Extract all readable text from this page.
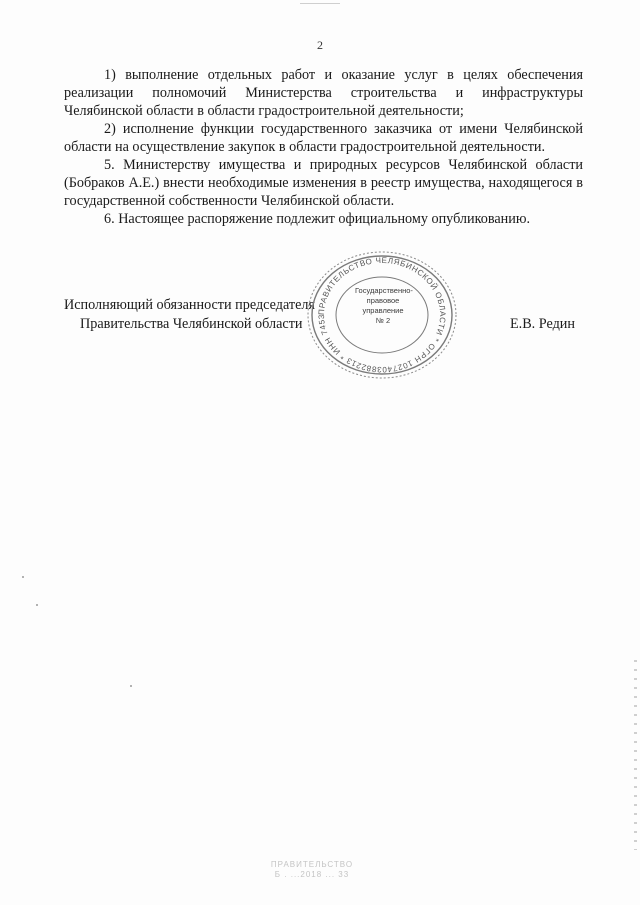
2

1) выполнение отдельных работ и оказание услуг в целях обеспечения реализации полномочий Министерства строительства и инфраструктуры Челябинской области в области градостроительной деятельности;

2) исполнение функции государственного заказчика от имени Челябинской области на осуществление закупок в области градостроительной деятельности.

5. Министерству имущества и природных ресурсов Челябинской области (Бобраков А.Е.) внести необходимые изменения в реестр имущества, находящегося в государственной собственности Челябинской области.

6. Настоящее распоряжение подлежит официальному опубликованию.

Исполняющий обязанности председателя
Правительства Челябинской области	Е.В. Редин
ПРАВИТЕЛЬСТВО ЧЕЛЯБИНСКОЙ ОБЛАСТИ * ОГРН 1027403882213 * ИНН 7453
Государственно-
правовое
управление
№ 2
ПРАВИТЕЛЬСТВО
Б . ...2018 ... 33
